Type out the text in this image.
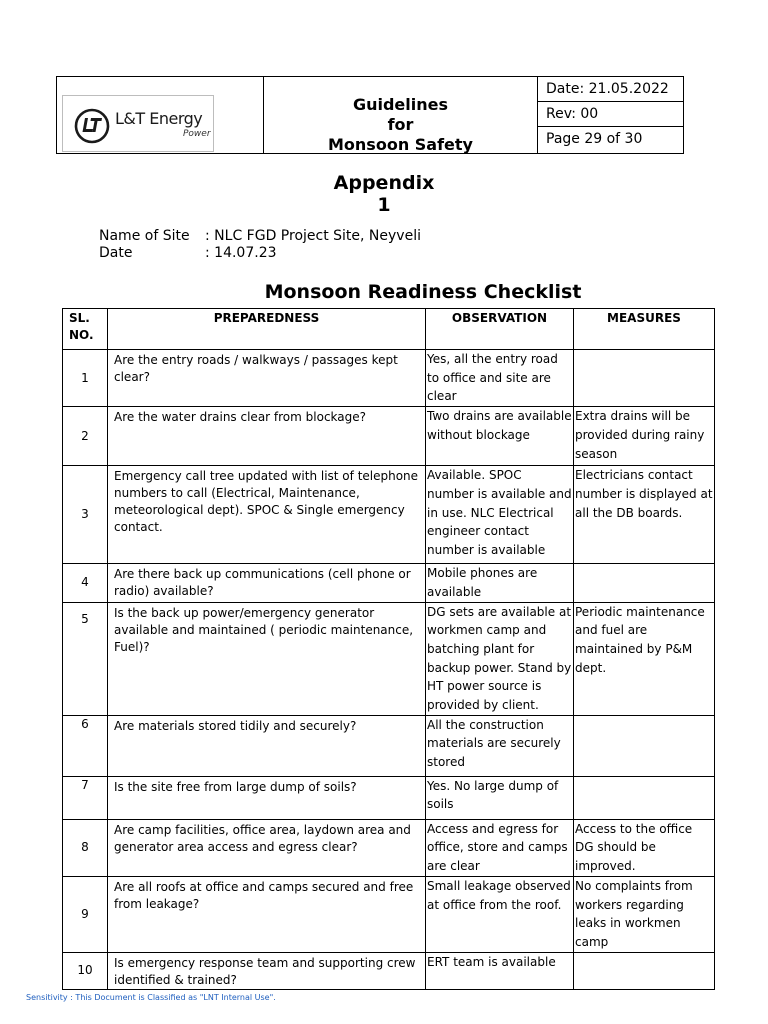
L&T Energy
Power
Guidelines
for
Monsoon Safety
Date: 21.05.2022
Rev: 00
Page 29 of 30
Appendix
1
Name of Site	: NLC FGD Project Site, Neyveli
Date	: 14.07.23
Monsoon Readiness Checklist
SL.
NO.	PREPAREDNESS	OBSERVATION	MEASURES
1	Are the entry roads / walkways / passages kept clear?	Yes, all the entry road to office and site are clear	
2	Are the water drains clear from blockage?	Two drains are available without blockage	Extra drains will be provided during rainy season
3	Emergency call tree updated with list of telephone numbers to call (Electrical, Maintenance, meteorological dept). SPOC & Single emergency contact.	Available. SPOC number is available and in use. NLC Electrical engineer contact number is available	Electricians contact number is displayed at all the DB boards.
4	Are there back up communications (cell phone or radio) available?	Mobile phones are available	
5	Is the back up power/emergency generator available and maintained ( periodic maintenance, Fuel)?	DG sets are available at workmen camp and batching plant for backup power. Stand by HT power source is provided by client.	Periodic maintenance and fuel are maintained by P&M dept.
6	Are materials stored tidily and securely?	All the construction materials are securely stored	
7	Is the site free from large dump of soils?	Yes. No large dump of soils	
8	Are camp facilities, office area, laydown area and generator area access and egress clear?	Access and egress for office, store and camps are clear	Access to the office DG should be improved.
9	Are all roofs at office and camps secured and free from leakage?	Small leakage observed at office from the roof.	No complaints from workers regarding leaks in workmen camp
10	Is emergency response team and supporting crew identified & trained?	ERT team is available	
Sensitivity : This Document is Classified as "LNT Internal Use".
